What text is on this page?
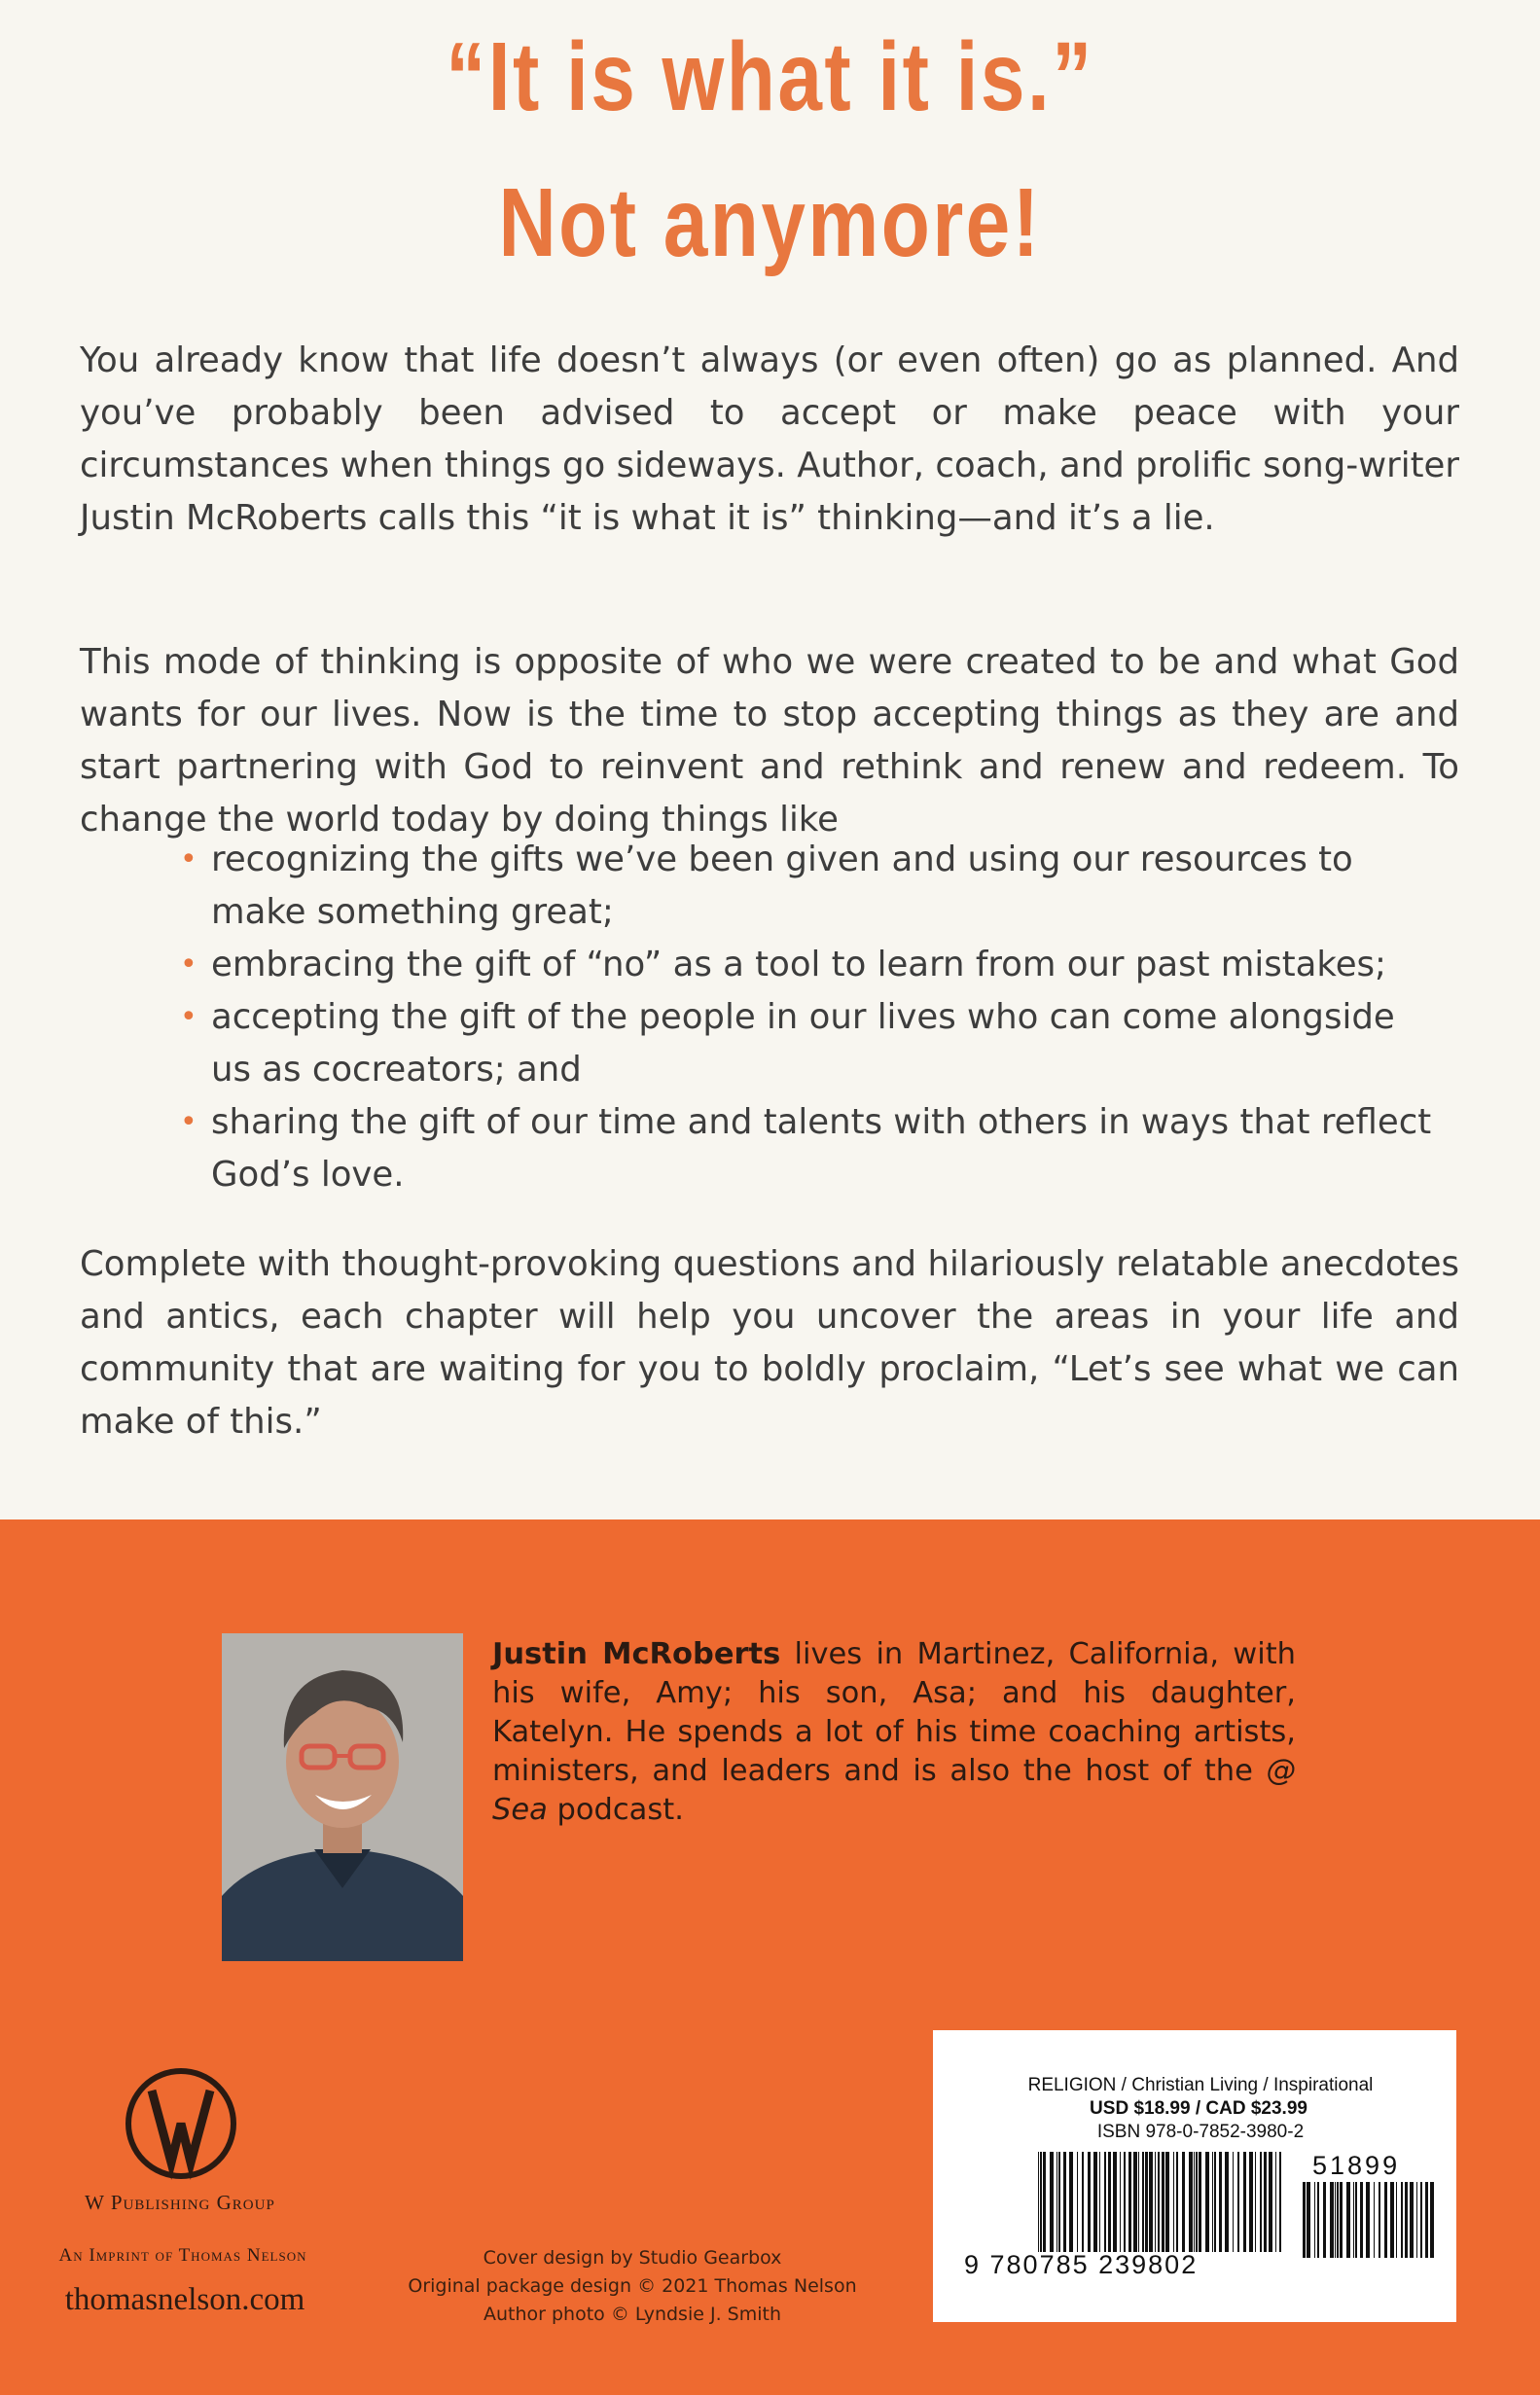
“It is what it is.”
Not anymore!

You already know that life doesn’t always (or even often) go as planned. And you’ve probably been advised to accept or make peace with your circumstances when things go sideways. Author, coach, and prolific song-writer Justin McRoberts calls this “it is what it is” thinking—and it’s a lie.

This mode of thinking is opposite of who we were created to be and what God wants for our lives. Now is the time to stop accepting things as they are and start partnering with God to reinvent and rethink and renew and redeem. To change the world today by doing things like

• recognizing the gifts we’ve been given and using our resources to make something great;
• embracing the gift of “no” as a tool to learn from our past mistakes;
• accepting the gift of the people in our lives who can come alongside us as cocreators; and
• sharing the gift of our time and talents with others in ways that reflect God’s love.

Complete with thought-provoking questions and hilariously relatable anecdotes and antics, each chapter will help you uncover the areas in your life and community that are waiting for you to boldly proclaim, “Let’s see what we can make of this.”

Justin McRoberts lives in Martinez, California, with his wife, Amy; his son, Asa; and his daughter, Katelyn. He spends a lot of his time coaching artists, ministers, and leaders and is also the host of the @ Sea podcast.

W Publishing Group
An Imprint of Thomas Nelson
thomasnelson.com
Cover design by Studio Gearbox
Original package design © 2021 Thomas Nelson
Author photo © Lyndsie J. Smith
RELIGION / Christian Living / Inspirational
USD $18.99 / CAD $23.99
ISBN 978-0-7852-3980-2
51899
9 780785 239802
